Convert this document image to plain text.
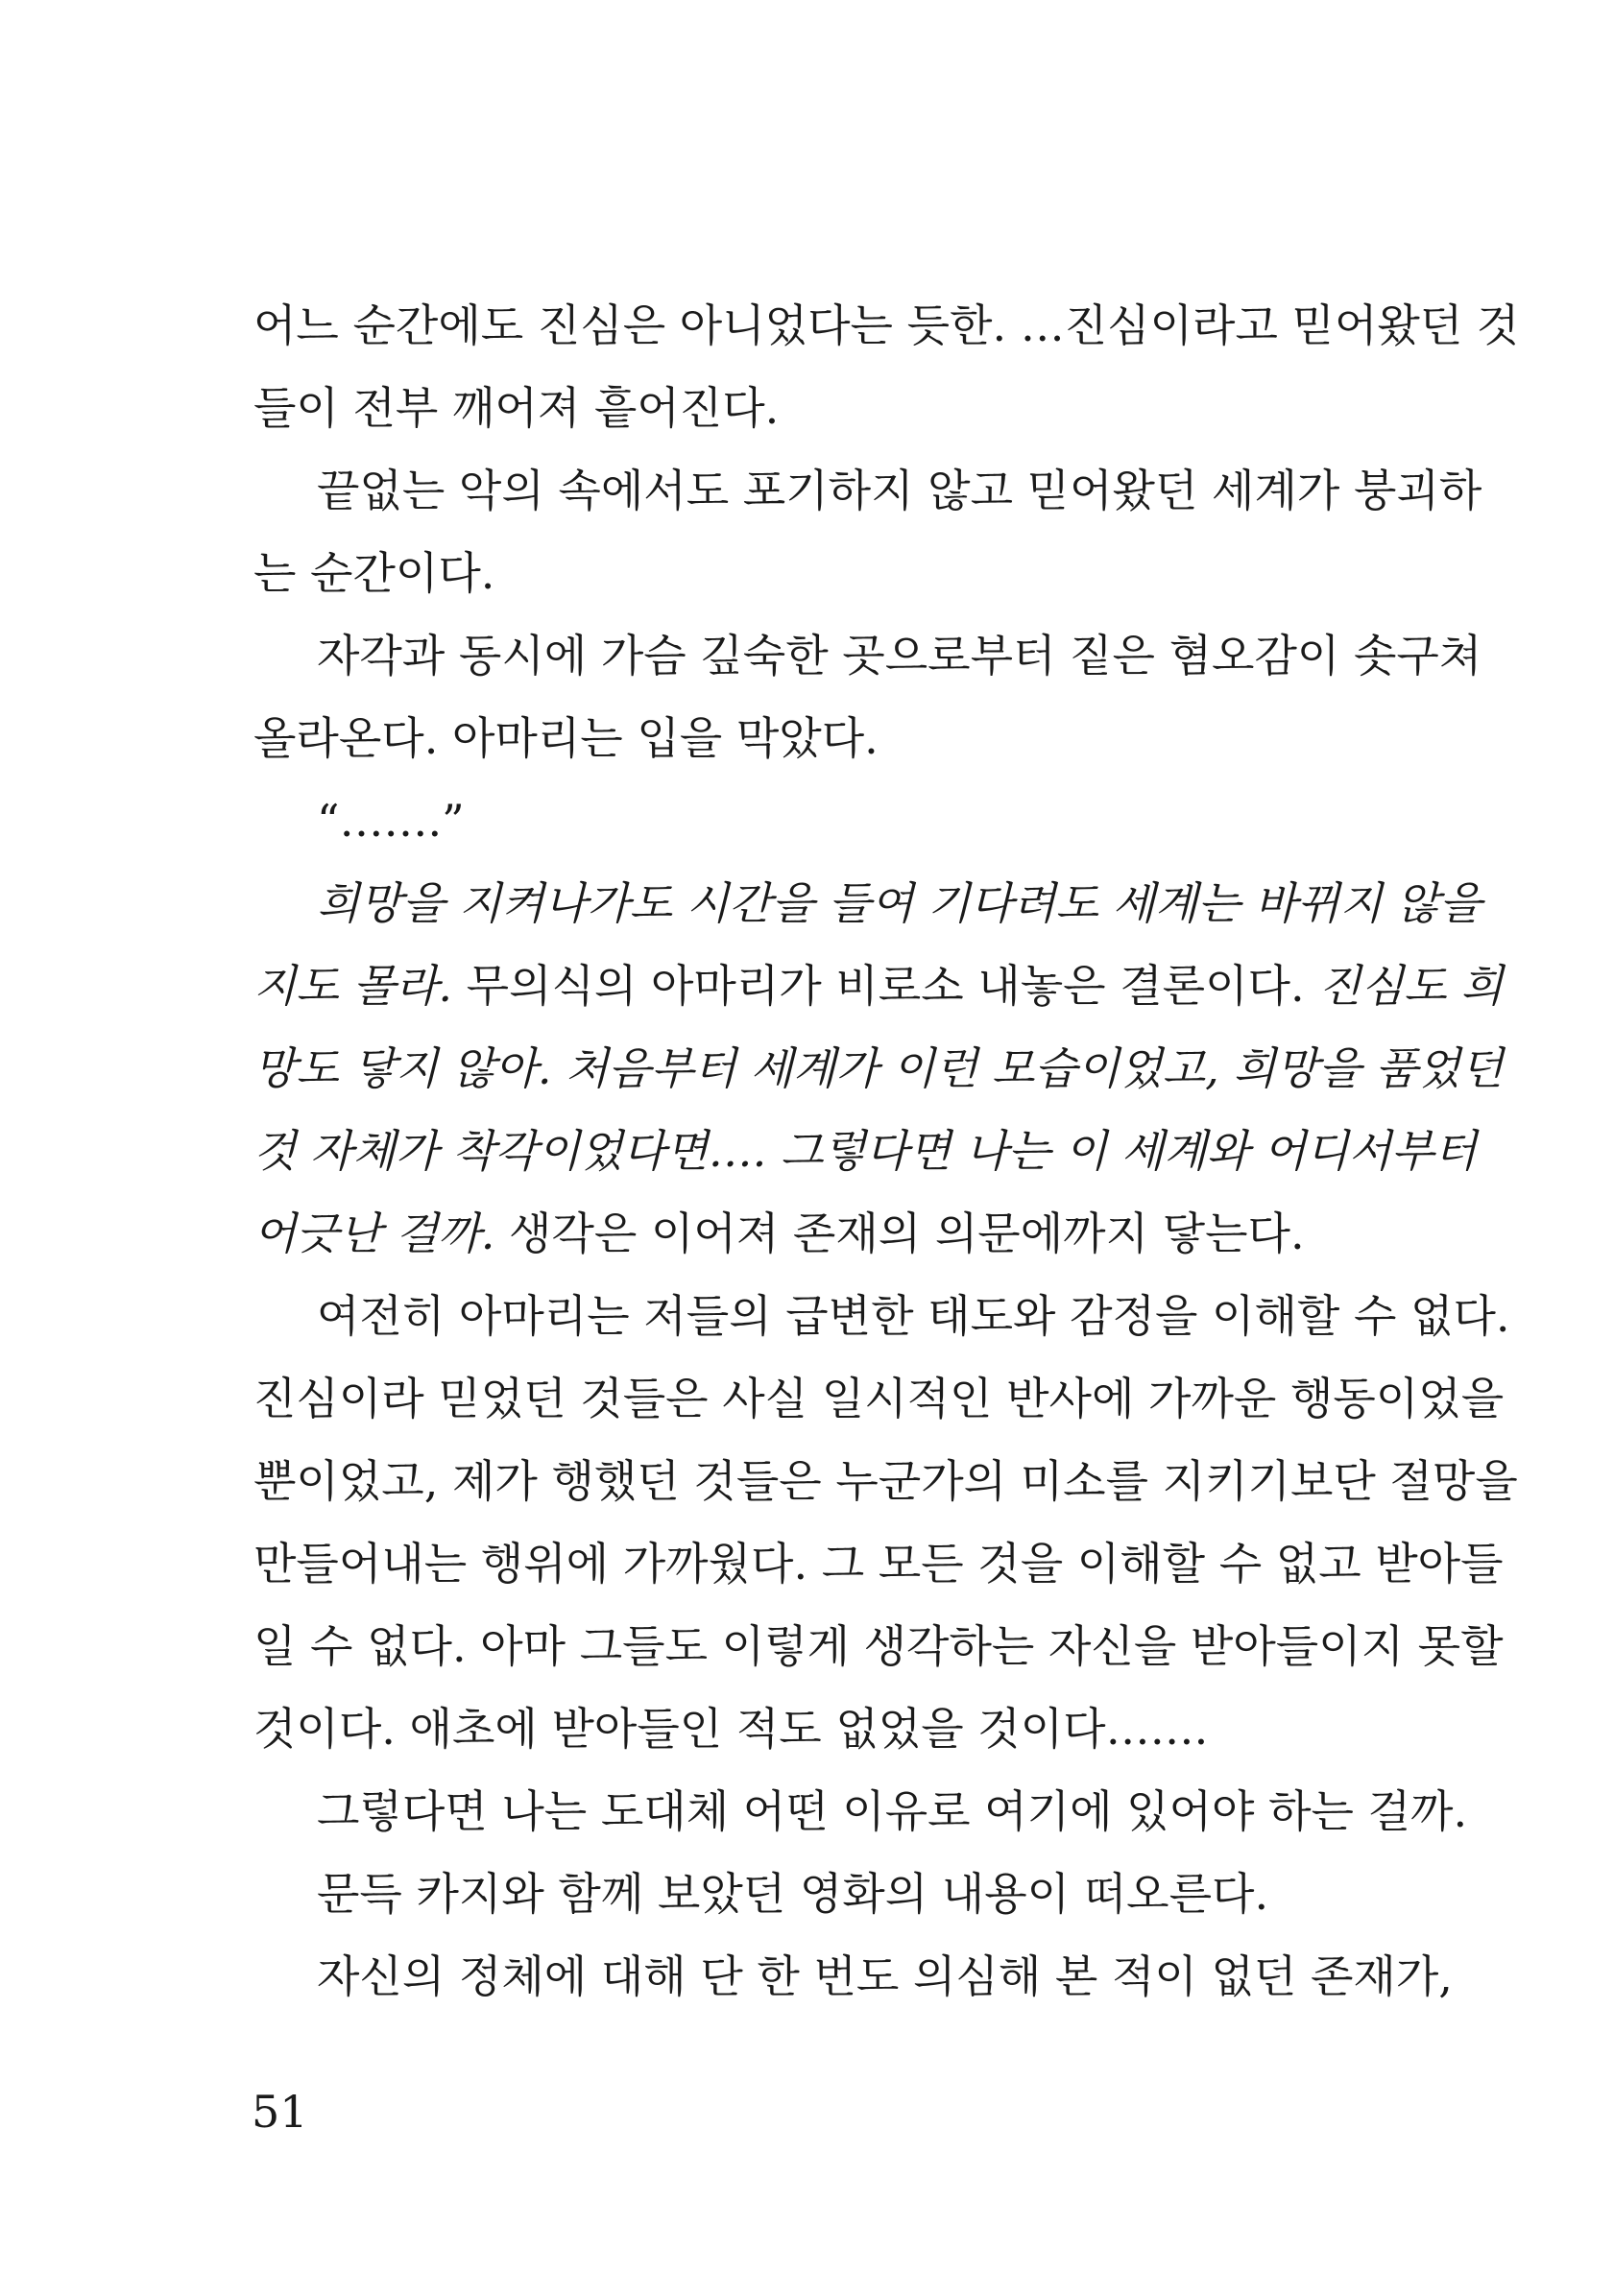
어느 순간에도 진심은 아니었다는 듯한. …진심이라고 믿어왔던 것
들이 전부 깨어져 흩어진다.
끝없는 악의 속에서도 포기하지 않고 믿어왔던 세계가 붕괴하
는 순간이다.
자각과 동시에 가슴 깊숙한 곳으로부터 짙은 혐오감이 솟구쳐
올라온다. 아마리는 입을 막았다.
“…….”
희망을 지켜나가도 시간을 들여 기다려도 세계는 바뀌지 않을
지도 몰라. 무의식의 아마리가 비로소 내놓은 결론이다. 진심도 희
망도 닿지 않아. 처음부터 세계가 이런 모습이었고, 희망을 품었던
것 자체가 착각이었다면…. 그렇다면 나는 이 세계와 어디서부터
어긋난 걸까. 생각은 이어져 존재의 의문에까지 닿는다.
여전히 아마리는 저들의 급변한 태도와 감정을 이해할 수 없다.
진심이라 믿었던 것들은 사실 일시적인 반사에 가까운 행동이었을
뿐이었고, 제가 행했던 것들은 누군가의 미소를 지키기보단 절망을
만들어내는 행위에 가까웠다. 그 모든 것을 이해할 수 없고 받아들
일 수 없다. 아마 그들도 이렇게 생각하는 자신을 받아들이지 못할
것이다. 애초에 받아들인 적도 없었을 것이다…….
그렇다면 나는 도대체 어떤 이유로 여기에 있어야 하는 걸까.
문득 카지와 함께 보았던 영화의 내용이 떠오른다.
자신의 정체에 대해 단 한 번도 의심해 본 적이 없던 존재가,
51
